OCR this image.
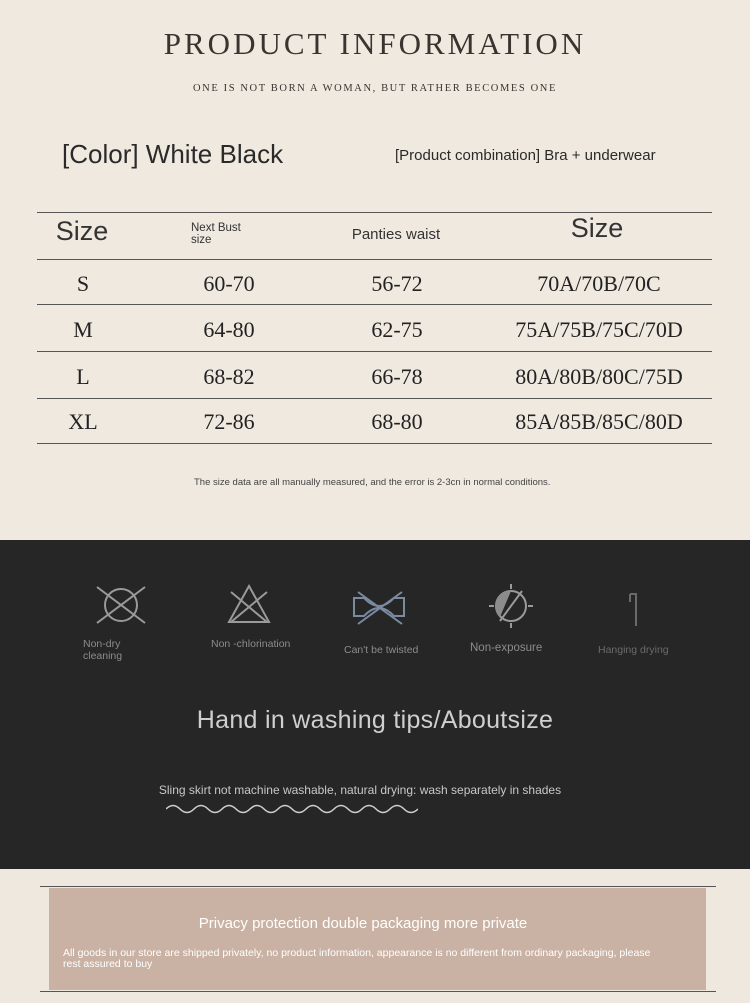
PRODUCT INFORMATION
ONE IS NOT BORN A WOMAN, BUT RATHER BECOMES ONE
[Color] White Black	[Product combination] Bra + underwear
Size	Next Bust size	Panties waist	Size
S	60-70	56-72	70A/70B/70C
M	64-80	62-75	75A/75B/75C/70D
L	68-82	66-78	80A/80B/80C/75D
XL	72-86	68-80	85A/85B/85C/80D
The size data are all manually measured, and the error is 2-3cn in normal conditions.
Non-dry cleaning
Non -chlorination	Can't be twisted	Non-exposure	Hanging drying
Hand in washing tips/Aboutsize
Sling skirt not machine washable, natural drying: wash separately in shades
Privacy protection double packaging more private
All goods in our store are shipped privately, no product information, appearance is no different from ordinary packaging, please rest assured to buy
